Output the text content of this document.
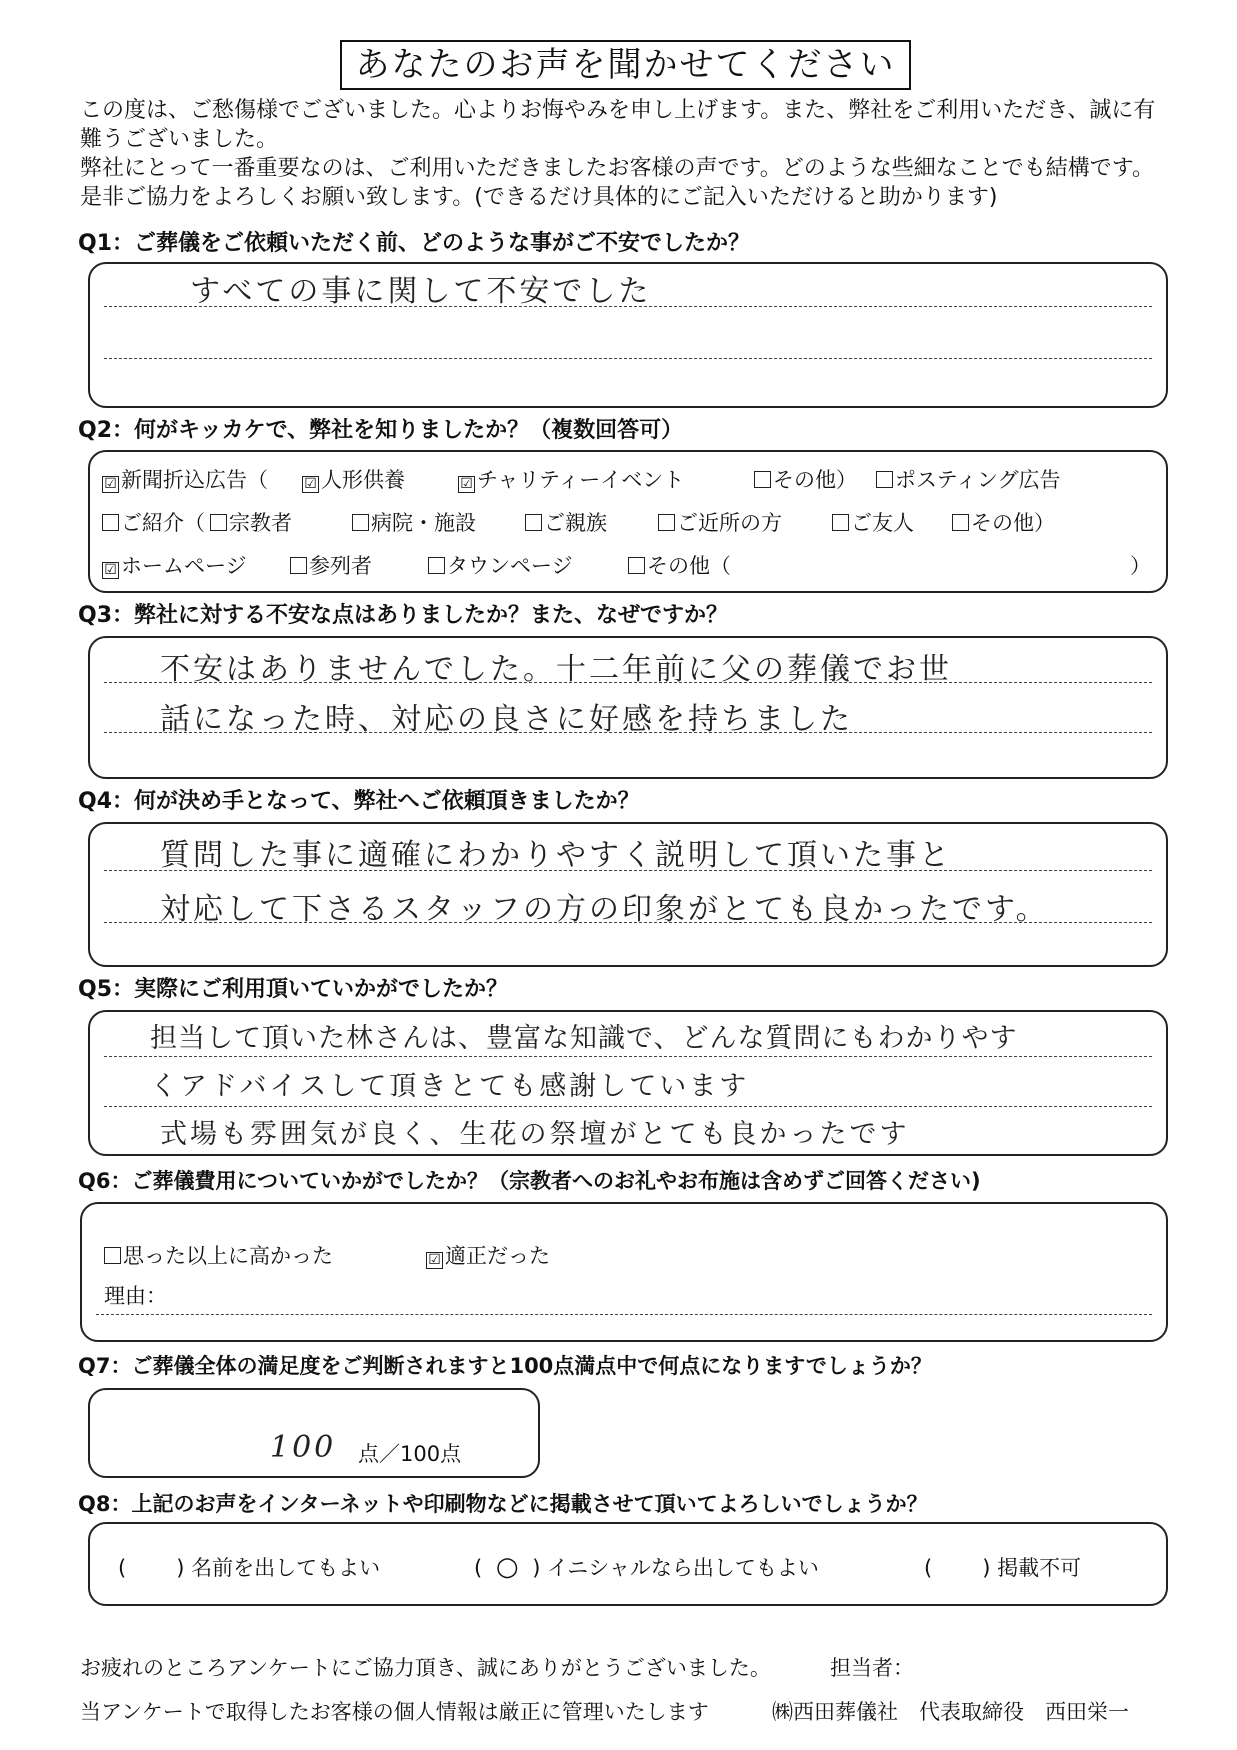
あなたのお声を聞かせてください
この度は、ご愁傷様でございました。心よりお悔やみを申し上げます。また、弊社をご利用いただき、誠に有難うございました。
弊社にとって一番重要なのは、ご利用いただきましたお客様の声です。どのような些細なことでも結構です。是非ご協力をよろしくお願い致します。(できるだけ具体的にご記入いただけると助かります)
Q1：ご葬儀をご依頼いただく前、どのような事がご不安でしたか？
すべての事に関して不安でした
Q2：何がキッカケで、弊社を知りましたか？（複数回答可）
☑ 新聞折込広告（	☑ 人形供養	☑ チャリティーイベント	その他）	ポスティング広告
ご紹介（	宗教者	病院・施設	ご親族	ご近所の方	ご友人	その他）
☑ ホームページ	参列者	タウンページ	その他（	）
Q3：弊社に対する不安な点はありましたか？また、なぜですか？
不安はありませんでした。十二年前に父の葬儀でお世
話になった時、対応の良さに好感を持ちました
Q4：何が決め手となって、弊社へご依頼頂きましたか？
質問した事に適確にわかりやすく説明して頂いた事と
対応して下さるスタッフの方の印象がとても良かったです。
Q5：実際にご利用頂いていかがでしたか？
担当して頂いた林さんは、豊富な知識で、どんな質問にもわかりやす
くアドバイスして頂きとても感謝しています
式場も雰囲気が良く、生花の祭壇がとても良かったです
Q6：ご葬儀費用についていかがでしたか？（宗教者へのお礼やお布施は含めずご回答ください)
思った以上に高かった	☑ 適正だった
理由：
Q7：ご葬儀全体の満足度をご判断されますと100点満点中で何点になりますでしょうか？
100 点／100点
Q8：上記のお声をインターネットや印刷物などに掲載させて頂いてよろしいでしょうか？
( ) 名前を出してもよい	( ○ ) イニシャルなら出してもよい	( ) 掲載不可
お疲れのところアンケートにご協力頂き、誠にありがとうございました。	担当者：
当アンケートで取得したお客様の個人情報は厳正に管理いたします	㈱西田葬儀社　代表取締役　西田栄一
